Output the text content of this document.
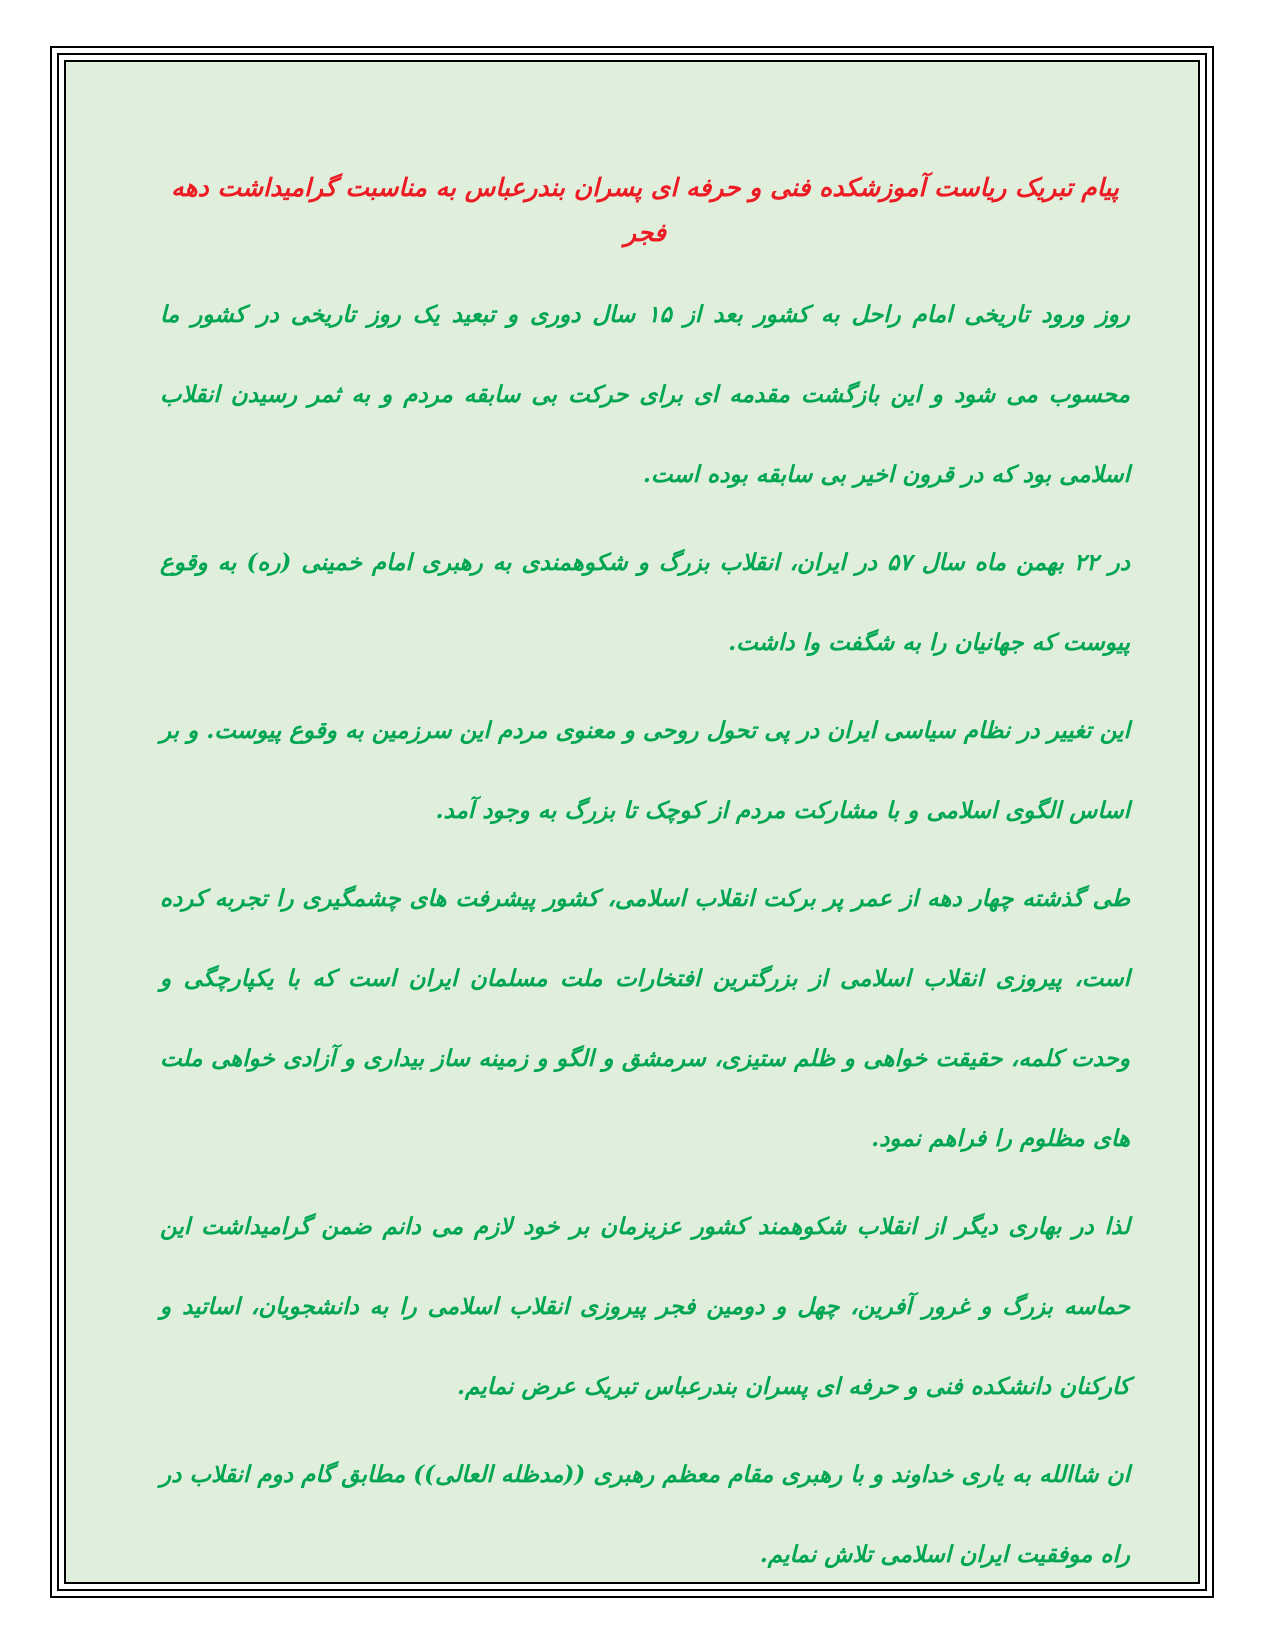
پیام تبریک ریاست آموزشکده فنی و حرفه ای پسران بندرعباس به مناسبت گرامیداشت دهه فجر

روز ورود تاریخی امام راحل به کشور بعد از ۱۵ سال دوری و تبعید یک روز تاریخی در کشور ما محسوب می شود و این بازگشت مقدمه ای برای حرکت بی سابقه مردم و به ثمر رسیدن انقلاب اسلامی بود که در قرون اخیر بی سابقه بوده است.

در ۲۲ بهمن ماه سال ۵۷ در ایران، انقلاب بزرگ و شکوهمندی به رهبری امام خمینی (ره) به وقوع پیوست که جهانیان را به شگفت وا داشت.

این تغییر در نظام سیاسی ایران در پی تحول روحی و معنوی مردم این سرزمین به وقوع پیوست. و بر اساس الگوی اسلامی و با مشارکت مردم از کوچک تا بزرگ به وجود آمد.

طی گذشته چهار دهه از عمر پر برکت انقلاب اسلامی، کشور پیشرفت های چشمگیری را تجربه کرده است، پیروزی انقلاب اسلامی از بزرگترین افتخارات ملت مسلمان ایران است که با یکپارچگی و وحدت کلمه، حقیقت خواهی و ظلم ستیزی، سرمشق و الگو و زمینه ساز بیداری و آزادی خواهی ملت های مظلوم را فراهم نمود.

لذا در بهاری دیگر از انقلاب شکوهمند کشور عزیزمان بر خود لازم می دانم ضمن گرامیداشت این حماسه بزرگ و غرور آفرین، چهل و دومین فجر پیروزی انقلاب اسلامی را به دانشجویان، اساتید و کارکنان دانشکده فنی و حرفه ای پسران بندرعباس تبریک عرض نمایم.

ان شاالله به یاری خداوند و با رهبری مقام معظم رهبری ((مدظله العالی)) مطابق گام دوم انقلاب در راه موفقیت ایران اسلامی تلاش نمایم.
